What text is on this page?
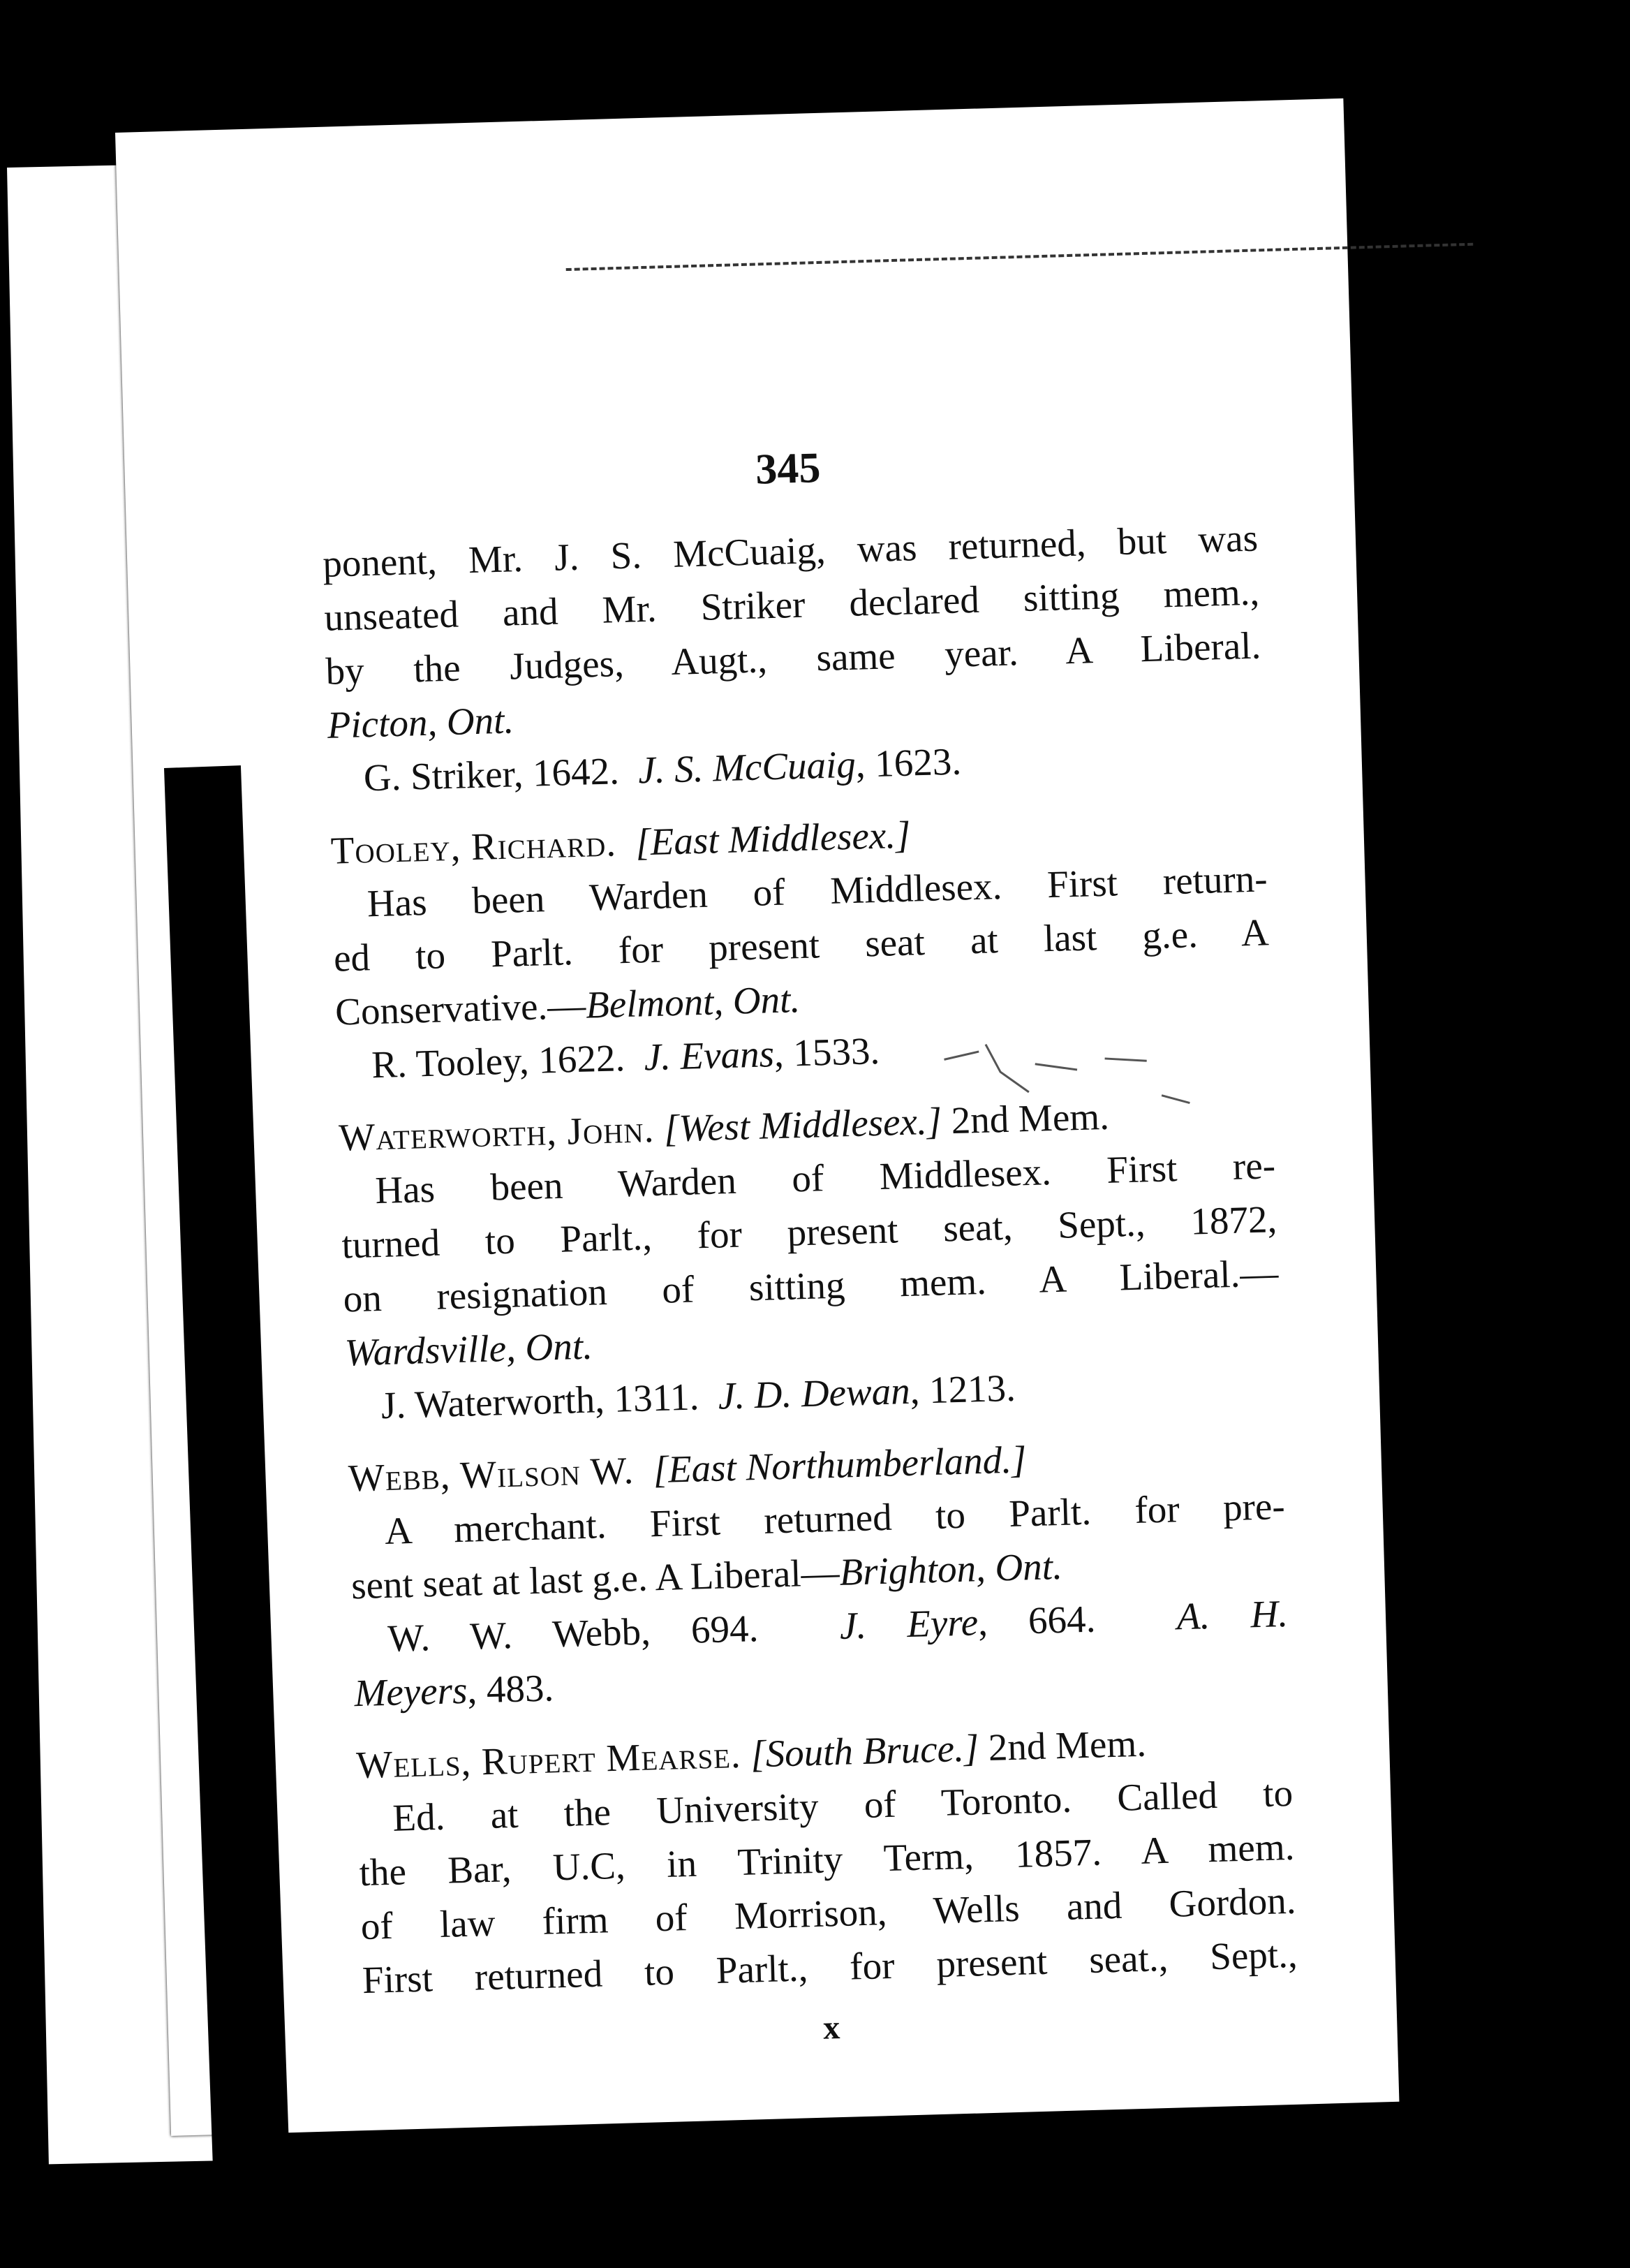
345
ponent, Mr. J. S. McCuaig, was returned, but was
unseated and Mr. Striker declared sitting mem.,
by the Judges, Augt., same year. A Liberal.
Picton, Ont.
G. Striker, 1642. J. S. McCuaig, 1623.
Tooley, Richard. [East Middlesex.]
Has been Warden of Middlesex. First return-
ed to Parlt. for present seat at last g.e. A
Conservative.—Belmont, Ont.
R. Tooley, 1622. J. Evans, 1533.
Waterworth, John. [West Middlesex.] 2nd Mem.
Has been Warden of Middlesex. First re-
turned to Parlt., for present seat, Sept., 1872,
on resignation of sitting mem. A Liberal.—
Wardsville, Ont.
J. Waterworth, 1311. J. D. Dewan, 1213.
Webb, Wilson W. [East Northumberland.]
A merchant. First returned to Parlt. for pre-
sent seat at last g.e. A Liberal—Brighton, Ont.
W. W. Webb, 694. J. Eyre, 664. A. H.
Meyers, 483.
Wells, Rupert Mearse. [South Bruce.] 2nd Mem.
Ed. at the University of Toronto. Called to
the Bar, U.C, in Trinity Term, 1857. A mem.
of law firm of Morrison, Wells and Gordon.
First returned to Parlt., for present seat., Sept.,
x
